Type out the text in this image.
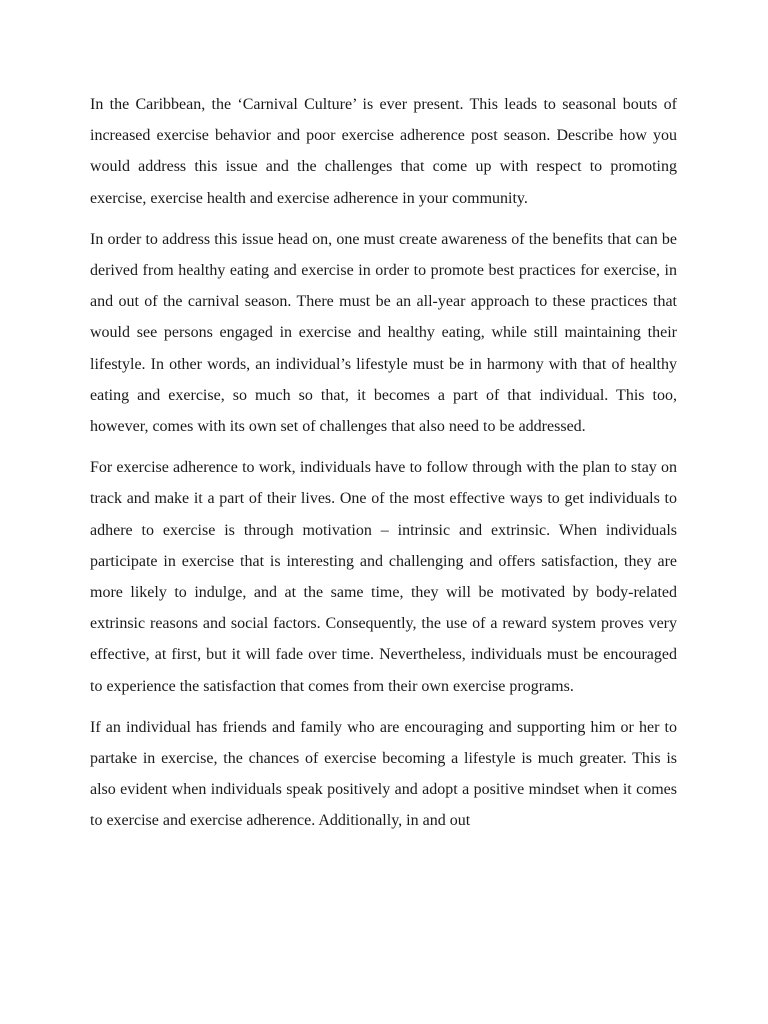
In the Caribbean, the ‘Carnival Culture’ is ever present. This leads to seasonal bouts of increased exercise behavior and poor exercise adherence post season. Describe how you would address this issue and the challenges that come up with respect to promoting exercise, exercise health and exercise adherence in your community.

In order to address this issue head on, one must create awareness of the benefits that can be derived from healthy eating and exercise in order to promote best practices for exercise, in and out of the carnival season. There must be an all-year approach to these practices that would see persons engaged in exercise and healthy eating, while still maintaining their lifestyle. In other words, an individual’s lifestyle must be in harmony with that of healthy eating and exercise, so much so that, it becomes a part of that individual. This too, however, comes with its own set of challenges that also need to be addressed.

For exercise adherence to work, individuals have to follow through with the plan to stay on track and make it a part of their lives. One of the most effective ways to get individuals to adhere to exercise is through motivation – intrinsic and extrinsic. When individuals participate in exercise that is interesting and challenging and offers satisfaction, they are more likely to indulge, and at the same time, they will be motivated by body-related extrinsic reasons and social factors. Consequently, the use of a reward system proves very effective, at first, but it will fade over time. Nevertheless, individuals must be encouraged to experience the satisfaction that comes from their own exercise programs.

If an individual has friends and family who are encouraging and supporting him or her to partake in exercise, the chances of exercise becoming a lifestyle is much greater. This is also evident when individuals speak positively and adopt a positive mindset when it comes to exercise and exercise adherence. Additionally, in and out
